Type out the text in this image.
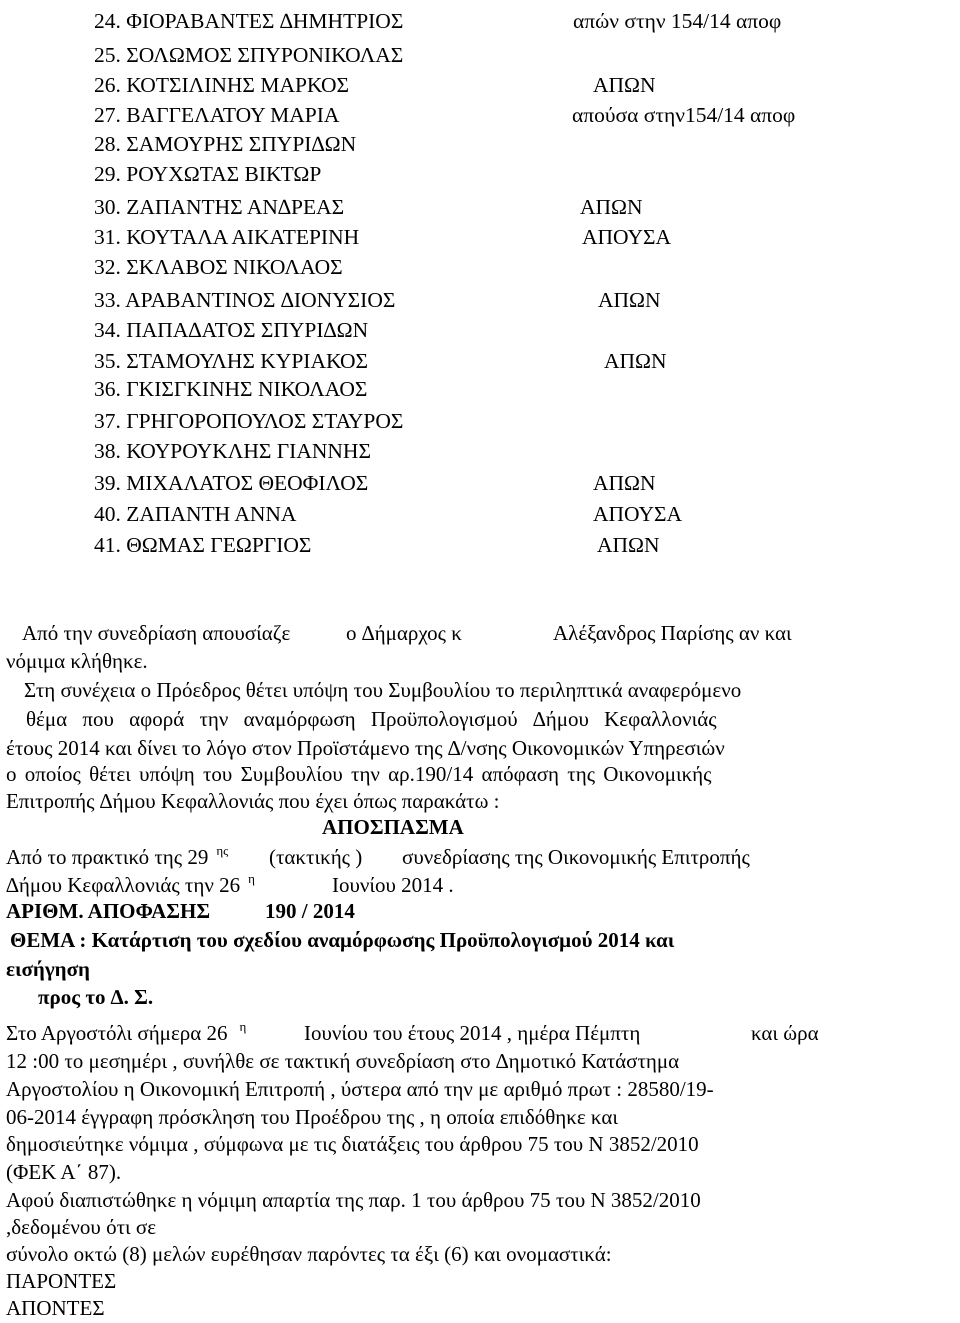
24. ΦΙΟΡΑΒΑΝΤΕΣ ∆ΗΜΗΤΡΙΟΣ	απών στην 154/14 αποφ
25. ΣΟΛΩΜΟΣ ΣΠΥΡΟΝΙΚΟΛΑΣ
26. ΚΟΤΣΙΛΙΝΗΣ ΜΑΡΚΟΣ	ΑΠΩΝ
27. ΒΑΓΓΕΛΑΤΟΥ ΜΑΡΙΑ	απούσα στην154/14 αποφ
28. ΣΑΜΟΥΡΗΣ ΣΠΥΡΙ∆ΩΝ
29. ΡΟΥΧΩΤΑΣ ΒΙΚΤΩΡ
30. ΖΑΠΑΝΤΗΣ ΑΝ∆ΡΕΑΣ	ΑΠΩΝ
31. ΚΟΥΤΑΛΑ ΑΙΚΑΤΕΡΙΝΗ	ΑΠΟΥΣΑ
32. ΣΚΛΑΒΟΣ ΝΙΚΟΛΑΟΣ
33. ΑΡΑΒΑΝΤΙΝΟΣ ∆ΙΟΝΥΣΙΟΣ	ΑΠΩΝ
34. ΠΑΠΑ∆ΑΤΟΣ ΣΠΥΡΙ∆ΩΝ
35. ΣΤΑΜΟΥΛΗΣ ΚΥΡΙΑΚΟΣ	ΑΠΩΝ
36. ΓΚΙΣΓΚΙΝΗΣ ΝΙΚΟΛΑΟΣ
37. ΓΡΗΓΟΡΟΠΟΥΛΟΣ ΣΤΑΥΡΟΣ
38. ΚΟΥΡΟΥΚΛΗΣ ΓΙΑΝΝΗΣ
39. ΜΙΧΑΛΑΤΟΣ ΘΕΟΦΙΛΟΣ	ΑΠΩΝ
40. ΖΑΠΑΝΤΗ ΑΝΝΑ	ΑΠΟΥΣΑ
41. ΘΩΜΑΣ ΓΕΩΡΓΙΟΣ	ΑΠΩΝ
Από την συνεδρίαση απουσίαζε	ο ∆ήμαρχος κ	Αλέξανδρος Παρίσης αν και
νόμιμα κλήθηκε.
Στη συνέχεια ο Πρόεδρος θέτει υπόψη του Συμβουλίου το περιληπτικά αναφερόμενο
θέμα που αφορά την αναμόρφωση Προϋπολογισμού ∆ήμου Κεφαλλονιάς
έτους 2014 και δίνει το λόγο στον Προϊστάμενο της ∆/νσης Οικονομικών Υπηρεσιών
ο οποίος θέτει υπόψη του Συμβουλίου την αρ.190/14 απόφαση της Οικονομικής
Επιτροπής ∆ήμου Κεφαλλονιάς που έχει όπως παρακάτω :
ΑΠΟΣΠΑΣΜΑ
Από το πρακτικό της 29 $^{\eta\varsigma}$ (τακτικής ) συνεδρίασης της Οικονομικής Επιτροπής
∆ήμου Κεφαλλονιάς την 26 $^\eta$	Ιουνίου 2014 .
ΑΡΙΘΜ. ΑΠΟΦΑΣΗΣ	190 / 2014
ΘΕΜΑ : Κατάρτιση του σχεδίου αναμόρφωσης Προϋπολογισμού 2014 και
εισήγηση
προς το ∆. Σ.
Στο Αργοστόλι σήμερα 26 $^\eta$	Ιουνίου του έτους 2014 , ημέρα Πέμπτη	και ώρα
12 :00 το μεσημέρι , συνήλθε σε τακτική συνεδρίαση στο ∆ημοτικό Κατάστημα
Αργοστολίου η Οικονομική Επιτροπή , ύστερα από την με αριθμό πρωτ : 28580/19-
06-2014 έγγραφη πρόσκληση του Προέδρου της , η οποία επιδόθηκε και
δημοσιεύτηκε νόμιμα , σύμφωνα με τις διατάξεις του άρθρου 75 του Ν 3852/2010
(ΦΕΚ Α΄ 87).
Αφού διαπιστώθηκε η νόμιμη απαρτία της παρ. 1 του άρθρου 75 του Ν 3852/2010
,δεδομένου ότι σε
σύνολο οκτώ (8) μελών ευρέθησαν παρόντες τα έξι (6) και ονομαστικά:
ΠΑΡΟΝΤΕΣ
ΑΠΟΝΤΕΣ
